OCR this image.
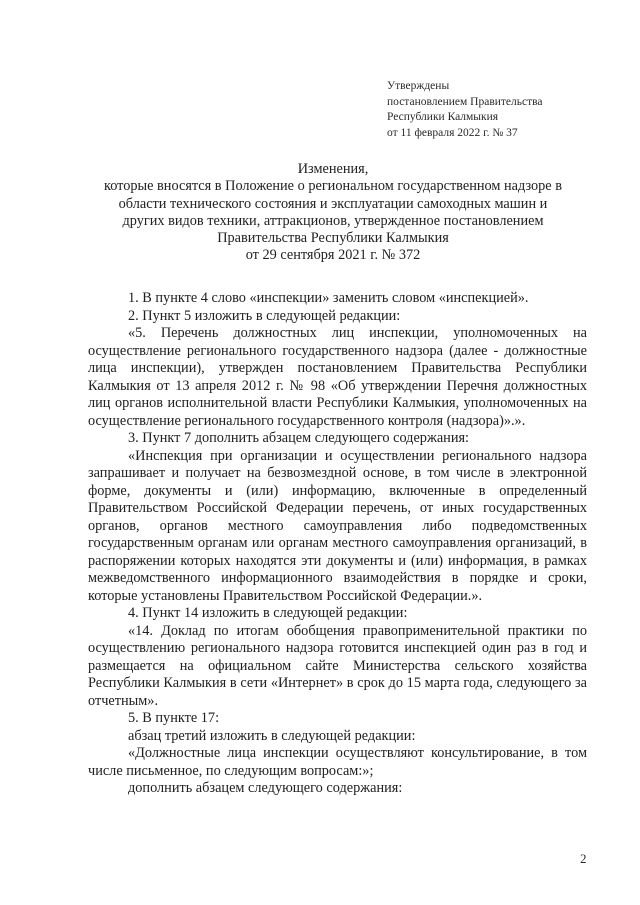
Утверждены
постановлением Правительства
Республики Калмыкия
от 11 февраля 2022 г. № 37
Изменения,
которые вносятся в Положение о региональном государственном надзоре в
области технического состояния и эксплуатации самоходных машин и
других видов техники, аттракционов, утвержденное постановлением
Правительства Республики Калмыкия
от 29 сентября 2021 г. № 372

1. В пункте 4 слово «инспекции» заменить словом «инспекцией».

2. Пункт 5 изложить в следующей редакции:

«5. Перечень должностных лиц инспекции, уполномоченных на осуществление регионального государственного надзора (далее - должностные лица инспекции), утвержден постановлением Правительства Республики Калмыкия от 13 апреля 2012 г. № 98 «Об утверждении Перечня должностных лиц органов исполнительной власти Республики Калмыкия, уполномоченных на осуществление регионального государственного контроля (надзора)».».

3. Пункт 7 дополнить абзацем следующего содержания:

«Инспекция при организации и осуществлении регионального надзора запрашивает и получает на безвозмездной основе, в том числе в электронной форме, документы и (или) информацию, включенные в определенный Правительством Российской Федерации перечень, от иных государственных органов, органов местного самоуправления либо подведомственных государственным органам или органам местного самоуправления организаций, в распоряжении которых находятся эти документы и (или) информация, в рамках межведомственного информационного взаимодействия в порядке и сроки, которые установлены Правительством Российской Федерации.».

4. Пункт 14 изложить в следующей редакции:

«14. Доклад по итогам обобщения правоприменительной практики по осуществлению регионального надзора готовится инспекцией один раз в год и размещается на официальном сайте Министерства сельского хозяйства Республики Калмыкия в сети «Интернет» в срок до 15 марта года, следующего за отчетным».

5. В пункте 17:

абзац третий изложить в следующей редакции:

«Должностные лица инспекции осуществляют консультирование, в том числе письменное, по следующим вопросам:»;

дополнить абзацем следующего содержания:

2
